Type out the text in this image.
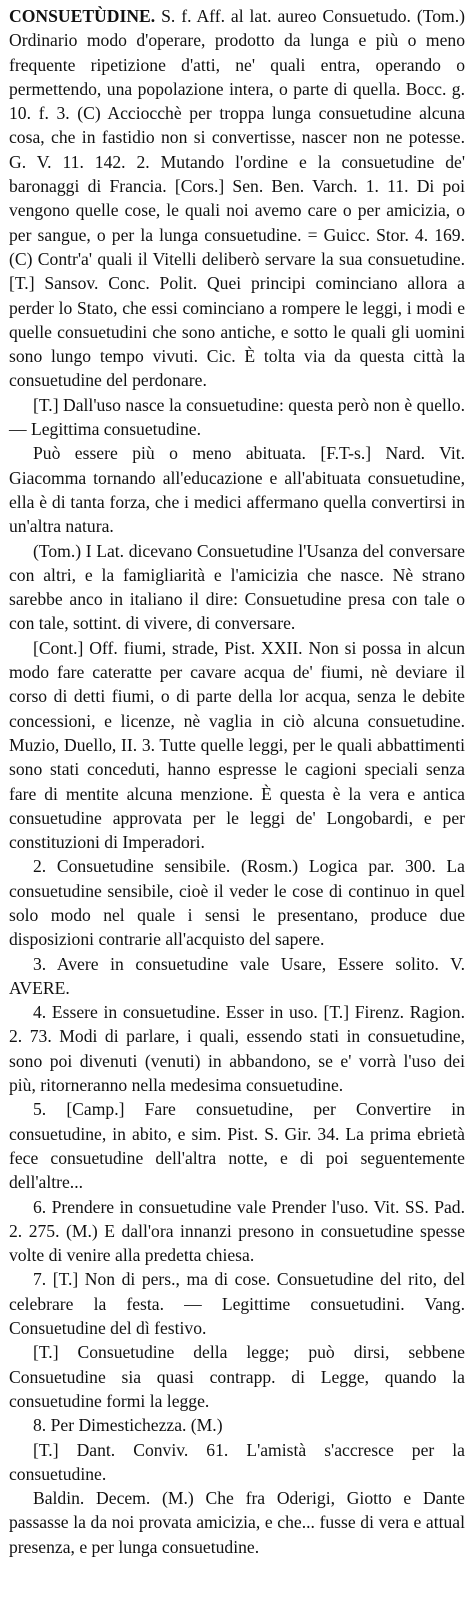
CONSUETÙDINE. S. f. Aff. al lat. aureo Consuetudo. (Tom.) Ordinario modo d'operare, prodotto da lunga e più o meno frequente ripetizione d'atti, ne' quali entra, operando o permettendo, una popolazione intera, o parte di quella. Bocc. g. 10. f. 3. (C) Acciocchè per troppa lunga consuetudine alcuna cosa, che in fastidio non si convertisse, nascer non ne potesse. G. V. 11. 142. 2. Mutando l'ordine e la consuetudine de' baronaggi di Francia. [Cors.] Sen. Ben. Varch. 1. 11. Di poi vengono quelle cose, le quali noi avemo care o per amicizia, o per sangue, o per la lunga consuetudine. = Guicc. Stor. 4. 169. (C) Contr'a' quali il Vitelli deliberò servare la sua consuetudine. [T.] Sansov. Conc. Polit. Quei principi cominciano allora a perder lo Stato, che essi cominciano a rompere le leggi, i modi e quelle consuetudini che sono antiche, e sotto le quali gli uomini sono lungo tempo vivuti. Cic. È tolta via da questa città la consuetudine del perdonare.

[T.] Dall'uso nasce la consuetudine: questa però non è quello. — Legittima consuetudine.

Può essere più o meno abituata. [F.T-s.] Nard. Vit. Giacomma tornando all'educazione e all'abituata consuetudine, ella è di tanta forza, che i medici affermano quella convertirsi in un'altra natura.

(Tom.) I Lat. dicevano Consuetudine l'Usanza del conversare con altri, e la famigliarità e l'amicizia che nasce. Nè strano sarebbe anco in italiano il dire: Consuetudine presa con tale o con tale, sottint. di vivere, di conversare.

[Cont.] Off. fiumi, strade, Pist. XXII. Non si possa in alcun modo fare cateratte per cavare acqua de' fiumi, nè deviare il corso di detti fiumi, o di parte della lor acqua, senza le debite concessioni, e licenze, nè vaglia in ciò alcuna consuetudine. Muzio, Duello, II. 3. Tutte quelle leggi, per le quali abbattimenti sono stati conceduti, hanno espresse le cagioni speciali senza fare di mentite alcuna menzione. È questa è la vera e antica consuetudine approvata per le leggi de' Longobardi, e per constituzioni di Imperadori.

2. Consuetudine sensibile. (Rosm.) Logica par. 300. La consuetudine sensibile, cioè il veder le cose di continuo in quel solo modo nel quale i sensi le presentano, produce due disposizioni contrarie all'acquisto del sapere.

3. Avere in consuetudine vale Usare, Essere solito. V. AVERE.

4. Essere in consuetudine. Esser in uso. [T.] Firenz. Ragion. 2. 73. Modi di parlare, i quali, essendo stati in consuetudine, sono poi divenuti (venuti) in abbandono, se e' vorrà l'uso dei più, ritorneranno nella medesima consuetudine.

5. [Camp.] Fare consuetudine, per Convertire in consuetudine, in abito, e sim. Pist. S. Gir. 34. La prima ebrietà fece consuetudine dell'altra notte, e di poi seguentemente dell'altre...

6. Prendere in consuetudine vale Prender l'uso. Vit. SS. Pad. 2. 275. (M.) E dall'ora innanzi presono in consuetudine spesse volte di venire alla predetta chiesa.

7. [T.] Non di pers., ma di cose. Consuetudine del rito, del celebrare la festa. — Legittime consuetudini. Vang. Consuetudine del dì festivo.

[T.] Consuetudine della legge; può dirsi, sebbene Consuetudine sia quasi contrapp. di Legge, quando la consuetudine formi la legge.

8. Per Dimestichezza. (M.)

[T.] Dant. Conviv. 61. L'amistà s'accresce per la consuetudine.

Baldin. Decem. (M.) Che fra Oderigi, Giotto e Dante passasse la da noi provata amicizia, e che... fusse di vera e attual presenza, e per lunga consuetudine.
